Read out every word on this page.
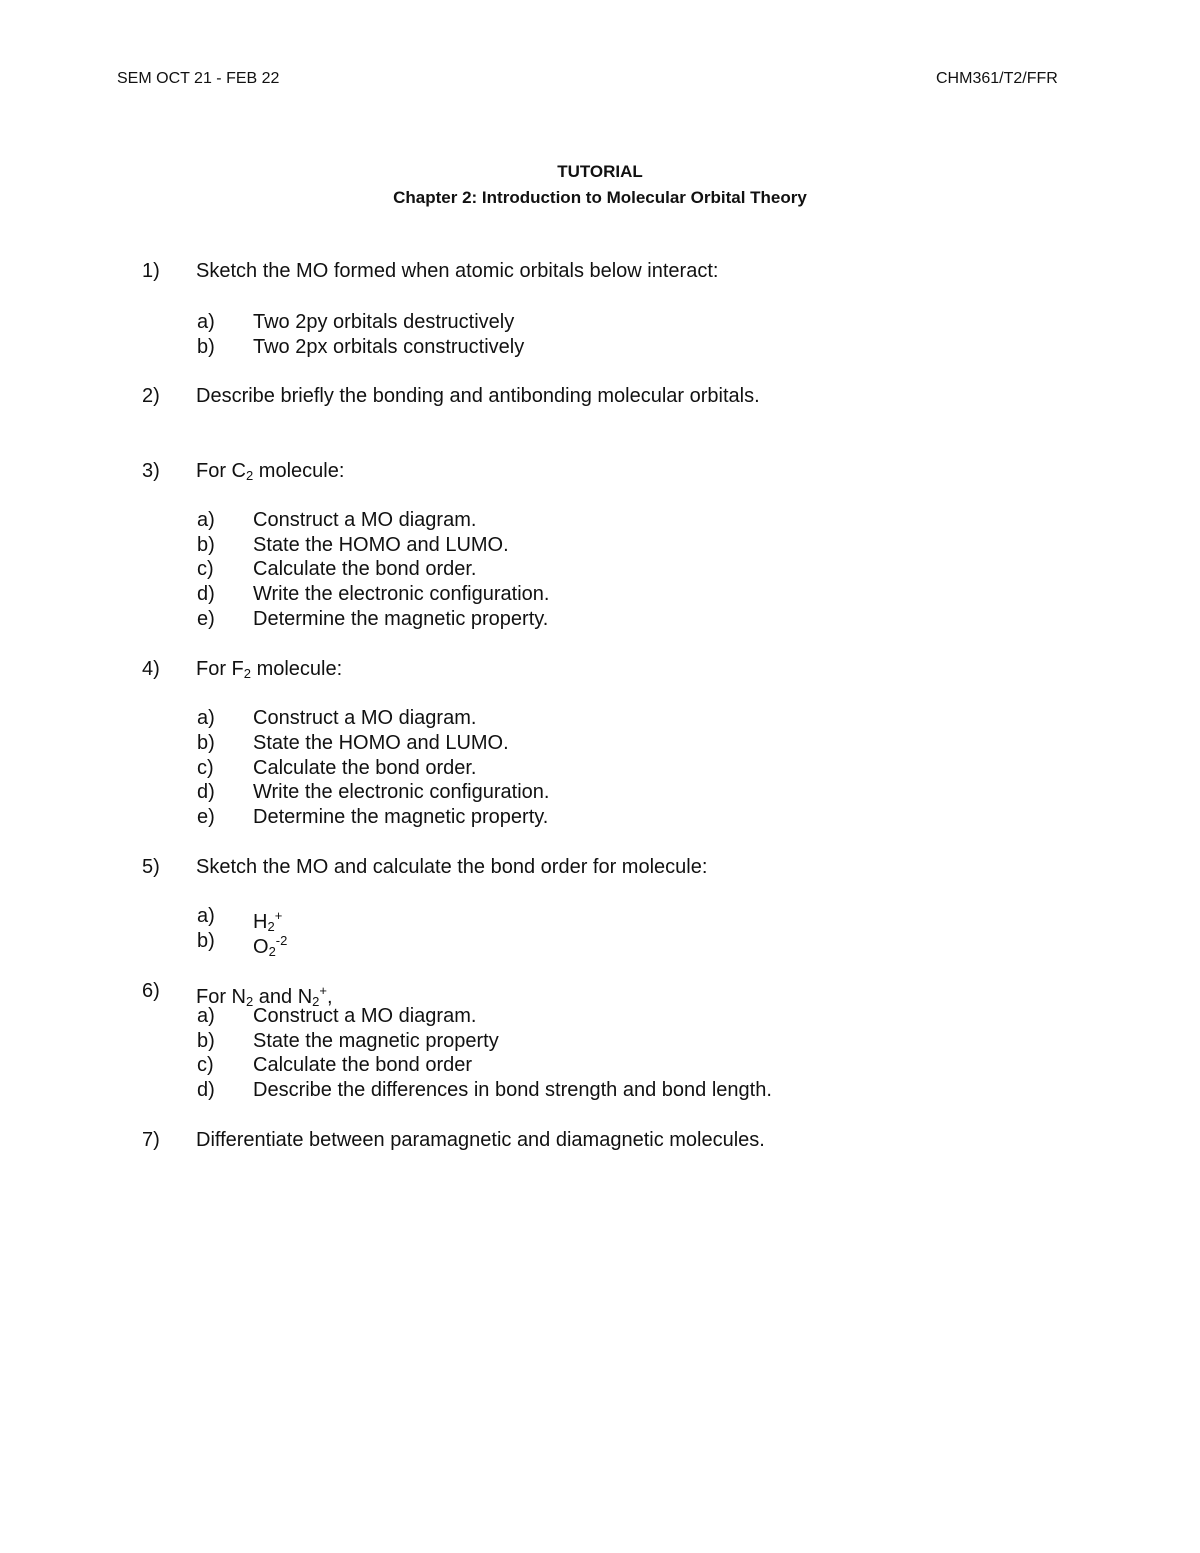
SEM OCT 21 - FEB 22	CHM361/T2/FFR
TUTORIAL
Chapter 2: Introduction to Molecular Orbital Theory
1) Sketch the MO formed when atomic orbitals below interact:
a) Two 2py orbitals destructively
b) Two 2px orbitals constructively
2) Describe briefly the bonding and antibonding molecular orbitals.
3) For $C_2$ molecule:
a) Construct a MO diagram.
b) State the HOMO and LUMO.
c) Calculate the bond order.
d) Write the electronic configuration.
e) Determine the magnetic property.
4) For $F_2$ molecule:
a) Construct a MO diagram.
b) State the HOMO and LUMO.
c) Calculate the bond order.
d) Write the electronic configuration.
e) Determine the magnetic property.
5) Sketch the MO and calculate the bond order for molecule:
a) $H_2^+$
b) $O_2^{-2}$
6) For $N_2$ and $N_2^+$,
a) Construct a MO diagram.
b) State the magnetic property
c) Calculate the bond order
d) Describe the differences in bond strength and bond length.
7) Differentiate between paramagnetic and diamagnetic molecules.
